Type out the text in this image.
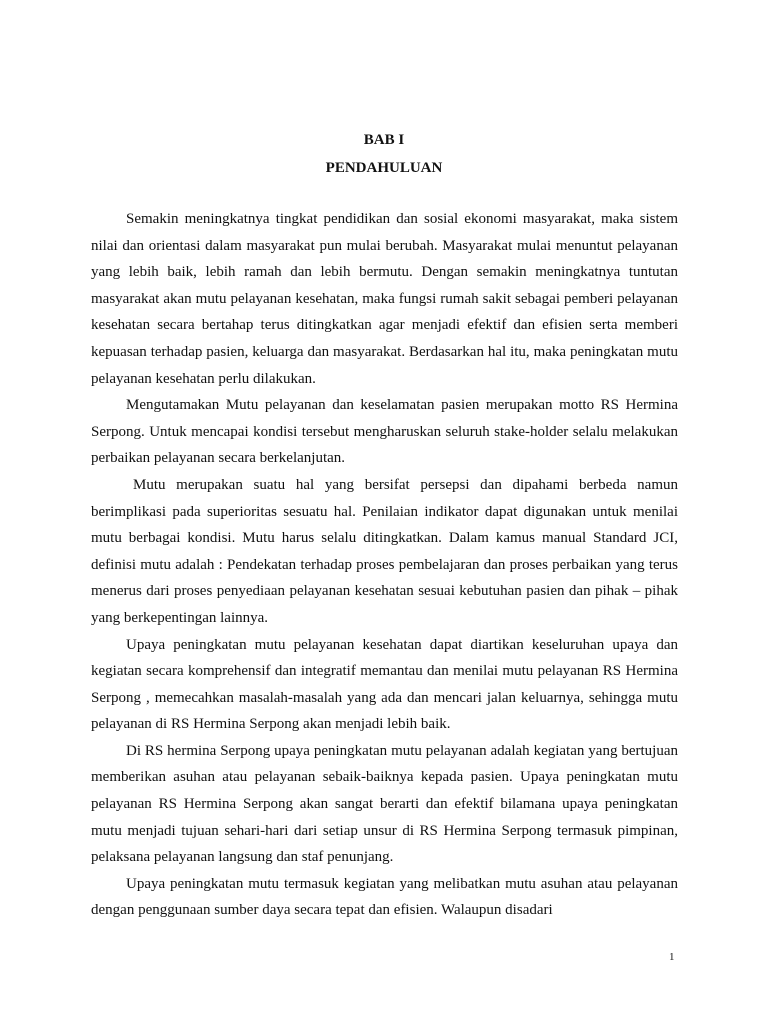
BAB I
PENDAHULUAN

Semakin meningkatnya tingkat pendidikan dan sosial ekonomi masyarakat, maka sistem nilai dan orientasi dalam masyarakat pun mulai berubah. Masyarakat mulai menuntut pelayanan yang lebih baik, lebih ramah dan lebih bermutu. Dengan semakin meningkatnya tuntutan masyarakat akan mutu pelayanan kesehatan, maka fungsi rumah sakit sebagai pemberi pelayanan kesehatan secara bertahap terus ditingkatkan agar menjadi efektif dan efisien serta memberi kepuasan terhadap pasien, keluarga dan masyarakat. Berdasarkan hal itu, maka peningkatan mutu pelayanan kesehatan perlu dilakukan.

Mengutamakan Mutu pelayanan dan keselamatan pasien merupakan motto RS Hermina Serpong. Untuk mencapai kondisi tersebut mengharuskan seluruh stake-holder selalu melakukan perbaikan pelayanan secara berkelanjutan.

Mutu merupakan suatu hal yang bersifat persepsi dan dipahami berbeda namun berimplikasi pada superioritas sesuatu hal. Penilaian indikator dapat digunakan untuk menilai mutu berbagai kondisi. Mutu harus selalu ditingkatkan. Dalam kamus manual Standard JCI, definisi mutu adalah : Pendekatan terhadap proses pembelajaran dan proses perbaikan yang terus menerus dari proses penyediaan pelayanan kesehatan sesuai kebutuhan pasien dan pihak – pihak yang berkepentingan lainnya.

Upaya peningkatan mutu pelayanan kesehatan dapat diartikan keseluruhan upaya dan kegiatan secara komprehensif dan integratif memantau dan menilai mutu pelayanan RS Hermina Serpong , memecahkan masalah-masalah yang ada dan mencari jalan keluarnya, sehingga mutu pelayanan di RS Hermina Serpong akan menjadi lebih baik.

Di RS hermina Serpong upaya peningkatan mutu pelayanan adalah kegiatan yang bertujuan memberikan asuhan atau pelayanan sebaik-baiknya kepada pasien. Upaya peningkatan mutu pelayanan RS Hermina Serpong akan sangat berarti dan efektif bilamana upaya peningkatan mutu menjadi tujuan sehari-hari dari setiap unsur di RS Hermina Serpong termasuk pimpinan, pelaksana pelayanan langsung dan staf penunjang.

Upaya peningkatan mutu termasuk kegiatan yang melibatkan mutu asuhan atau pelayanan dengan penggunaan sumber daya secara tepat dan efisien. Walaupun disadari

1
